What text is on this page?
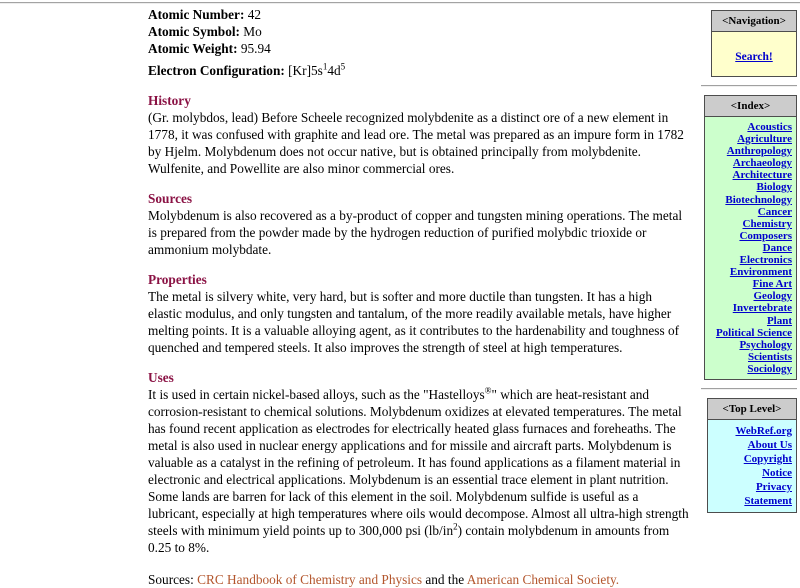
Atomic Number: 42
Atomic Symbol: Mo
Atomic Weight: 95.94
Electron Configuration: $[Kr]5s^14d^5$
History

(Gr. molybdos, lead) Before Scheele recognized molybdenite as a distinct ore of a new element in 1778, it was confused with graphite and lead ore. The metal was prepared as an impure form in 1782 by Hjelm. Molybdenum does not occur native, but is obtained principally from molybdenite. Wulfenite, and Powellite are also minor commercial ores.

Sources

Molybdenum is also recovered as a by-product of copper and tungsten mining operations. The metal is prepared from the powder made by the hydrogen reduction of purified molybdic trioxide or ammonium molybdate.

Properties

The metal is silvery white, very hard, but is softer and more ductile than tungsten. It has a high elastic modulus, and only tungsten and tantalum, of the more readily available metals, have higher melting points. It is a valuable alloying agent, as it contributes to the hardenability and toughness of quenched and tempered steels. It also improves the strength of steel at high temperatures.

Uses

It is used in certain nickel-based alloys, such as the "Hastelloys®" which are heat-resistant and corrosion-resistant to chemical solutions. Molybdenum oxidizes at elevated temperatures. The metal has found recent application as electrodes for electrically heated glass furnaces and foreheaths. The metal is also used in nuclear energy applications and for missile and aircraft parts. Molybdenum is valuable as a catalyst in the refining of petroleum. It has found applications as a filament material in electronic and electrical applications. Molybdenum is an essential trace element in plant nutrition. Some lands are barren for lack of this element in the soil. Molybdenum sulfide is useful as a lubricant, especially at high temperatures where oils would decompose. Almost all ultra-high strength steels with minimum yield points up to 300,000 psi $(lb/in^2)$ contain molybdenum in amounts from 0.25 to 8%.

Sources: CRC Handbook of Chemistry and Physics and the American Chemical Society.

<Navigation>
Search!
<Index>
Acoustics
Agriculture
Anthropology
Archaeology
Architecture
Biology
Biotechnology
Cancer
Chemistry
Composers
Dance
Electronics
Environment
Fine Art
Geology
Invertebrate
Plant
Political Science
Psychology
Scientists
Sociology
<Top Level>
WebRef.org
About Us
Copyright Notice
Privacy Statement
